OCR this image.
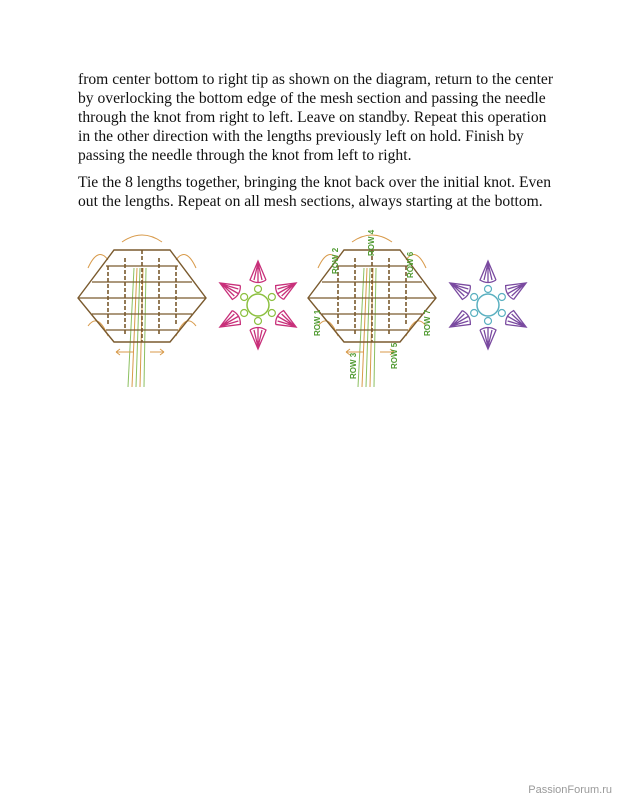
from center bottom to right tip as shown on the diagram, return to the center
by overlocking the bottom edge of the mesh section and passing the needle
through the knot from right to left. Leave on standby. Repeat this operation
in the other direction with the lengths previously left on hold. Finish by
passing the needle through the knot from left to right.
Tie the 8 lengths together, bringing the knot back over the initial knot. Even
out the lengths. Repeat on all mesh sections, always starting at the bottom.
ROW 1
ROW 2
ROW 3
ROW 4
ROW 5
ROW 6
ROW 7
PassionForum.ru
